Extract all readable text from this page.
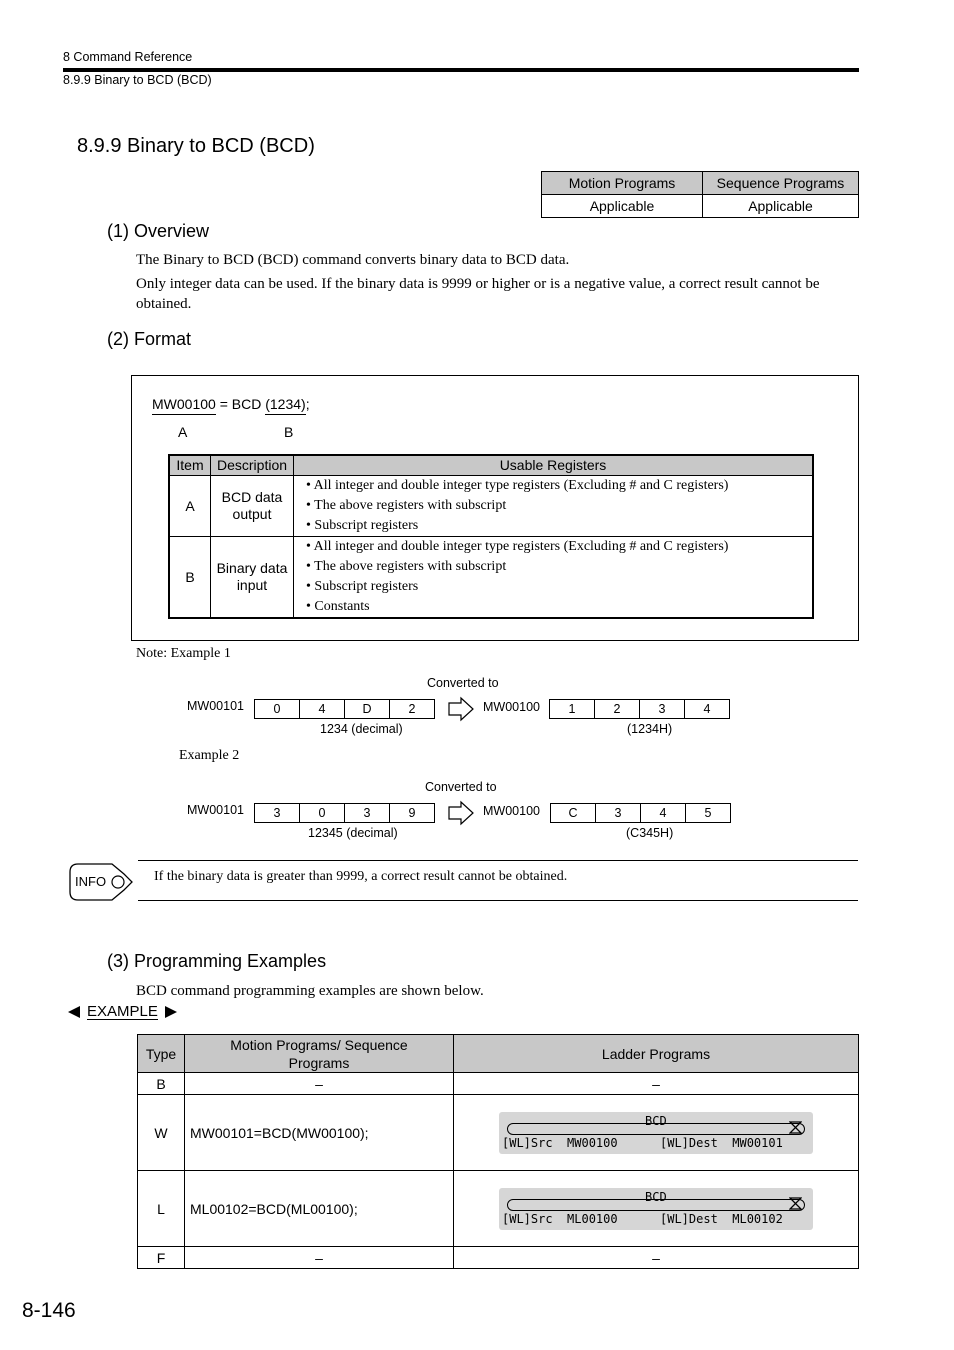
8 Command Reference
8.9.9 Binary to BCD (BCD)
8.9.9 Binary to BCD (BCD)
Motion Programs	Sequence Programs
Applicable	Applicable
(1) Overview
The Binary to BCD (BCD) command converts binary data to BCD data.
Only integer data can be used. If the binary data is 9999 or higher or is a negative value, a correct result cannot be obtained.
(2) Format
MW00100 = BCD (1234);
A	B
Item	Description	Usable Registers
A	BCD data output	• All integer and double integer type registers (Excluding # and C registers)
• The above registers with subscript
• Subscript registers

B	Binary data input	• All integer and double integer type registers (Excluding # and C registers)
• The above registers with subscript
• Subscript registers
• Constants
Note: Example 1
Converted to
MW00101	0	4	D	2	MW00100	1	2	3	4
1234 (decimal)	(1234H)
Example 2
Converted to
MW00101	3	0	3	9	MW00100	C	3	4	5
12345 (decimal)	(C345H)
INFO	If the binary data is greater than 9999, a correct result cannot be obtained.
(3) Programming Examples
BCD command programming examples are shown below.
EXAMPLE
Type	Motion Programs/ Sequence Programs	Ladder Programs
B	–	–
W	MW00101=BCD(MW00100);	BCD
[WL]Src  MW00100 [WL]Dest  MW00101

L	ML00102=BCD(ML00100);	BCD
[WL]Src  ML00100 [WL]Dest  ML00102

F	–	–
8-146
